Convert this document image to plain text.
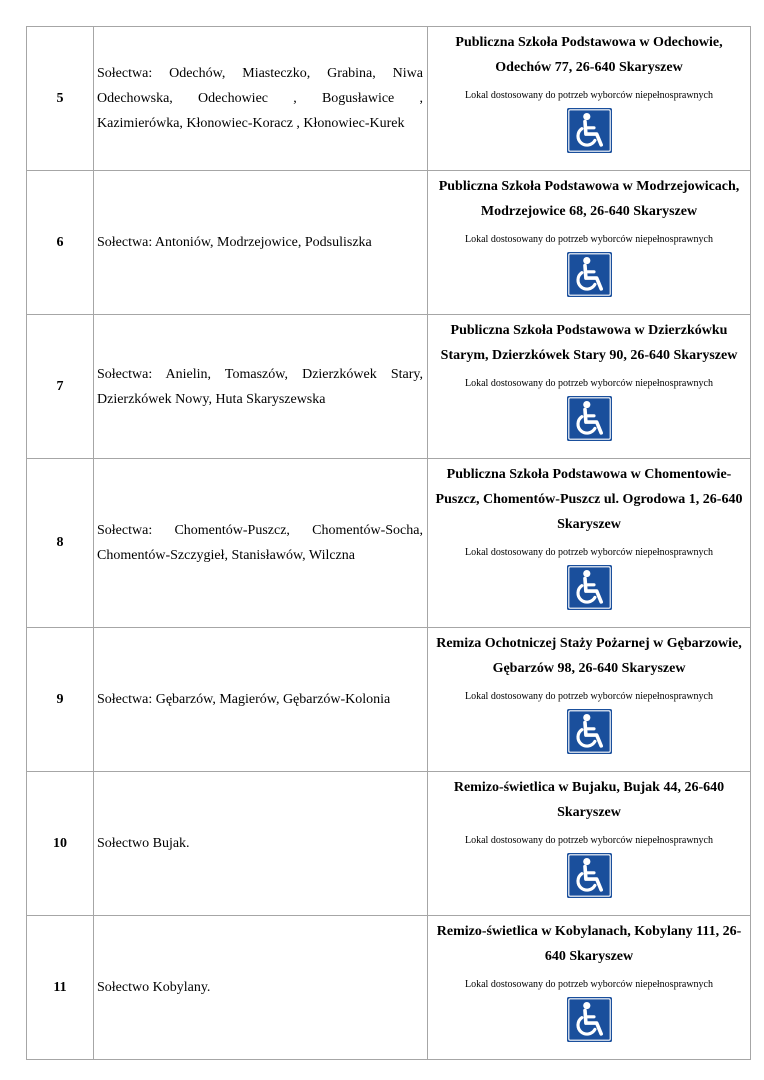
5	Sołectwa: Odechów, Miasteczko, Grabina, Niwa Odechowska, Odechowiec , Bogusławice , Kazimierówka, Kłonowiec-Koracz , Kłonowiec-Kurek	Publiczna Szkoła Podstawowa w Odechowie, Odechów 77, 26-640 Skaryszew

Lokal dostosowany do potrzeb wyborców niepełnosprawnych

6	Sołectwa: Antoniów, Modrzejowice, Podsuliszka	Publiczna Szkoła Podstawowa w Modrzejowicach, Modrzejowice 68, 26-640 Skaryszew

Lokal dostosowany do potrzeb wyborców niepełnosprawnych

7	Sołectwa: Anielin, Tomaszów, Dzierzkówek Stary, Dzierzkówek Nowy, Huta Skaryszewska	Publiczna Szkoła Podstawowa w Dzierzkówku Starym, Dzierzkówek Stary 90, 26-640 Skaryszew

Lokal dostosowany do potrzeb wyborców niepełnosprawnych

8	Sołectwa: Chomentów-Puszcz, Chomentów-Socha, Chomentów-Szczygieł, Stanisławów, Wilczna	Publiczna Szkoła Podstawowa w Chomentowie-Puszcz, Chomentów-Puszcz ul. Ogrodowa 1, 26-640 Skaryszew

Lokal dostosowany do potrzeb wyborców niepełnosprawnych

9	Sołectwa: Gębarzów, Magierów, Gębarzów-Kolonia	Remiza Ochotniczej Staży Pożarnej w Gębarzowie, Gębarzów 98, 26-640 Skaryszew

Lokal dostosowany do potrzeb wyborców niepełnosprawnych

10	Sołectwo Bujak.	Remizo-świetlica w Bujaku, Bujak 44, 26-640 Skaryszew

Lokal dostosowany do potrzeb wyborców niepełnosprawnych

11	Sołectwo Kobylany.	Remizo-świetlica w Kobylanach, Kobylany 111, 26-640 Skaryszew

Lokal dostosowany do potrzeb wyborców niepełnosprawnych
